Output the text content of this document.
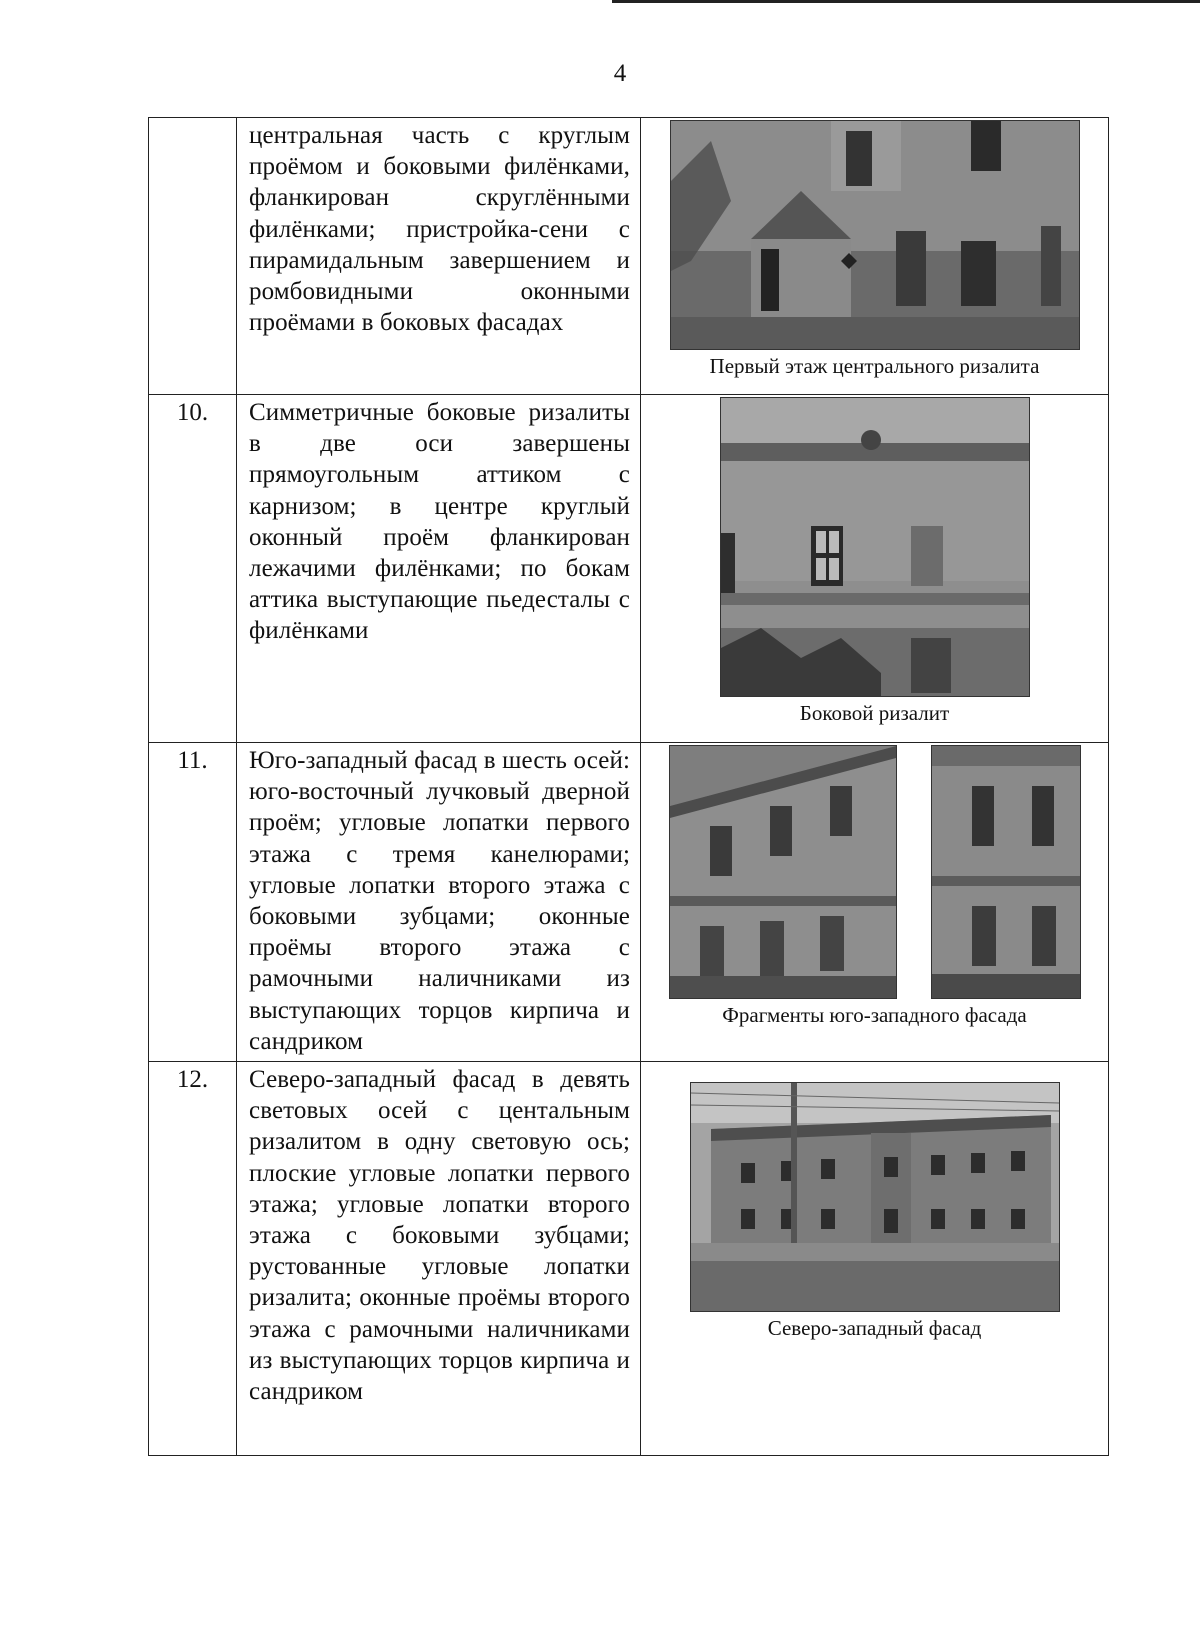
4
	центральная часть с круглым проёмом и боковыми филёнками, фланкирован скруглёнными филёнками; пристройка-сени с пирамидальным завершением и ромбовидными оконными проёмами в боковых фасадах	Первый этаж центрального ризалита

10.	Симметричные боковые ризалиты в две оси завершены прямоугольным аттиком с карнизом; в центре круглый оконный проём фланкирован лежачими филёнками; по бокам аттика выступающие пьедесталы с филёнками	Боковой ризалит

11.	Юго-западный фасад в шесть осей: юго-восточный лучковый дверной проём; угловые лопатки первого этажа с тремя канелюрами; угловые лопатки второго этажа с боковыми зубцами; оконные проёмы второго этажа с рамочными наличниками из выступающих торцов кирпича и сандриком	Фрагменты юго-западного фасада

12.	Северо-западный фасад в девять световых осей с центальным ризалитом в одну световую ось; плоские угловые лопатки первого этажа; угловые лопатки второго этажа с боковыми зубцами; рустованные угловые лопатки ризалита; оконные проёмы второго этажа с рамочными наличниками из выступающих торцов кирпича и сандриком	Северо-западный фасад
